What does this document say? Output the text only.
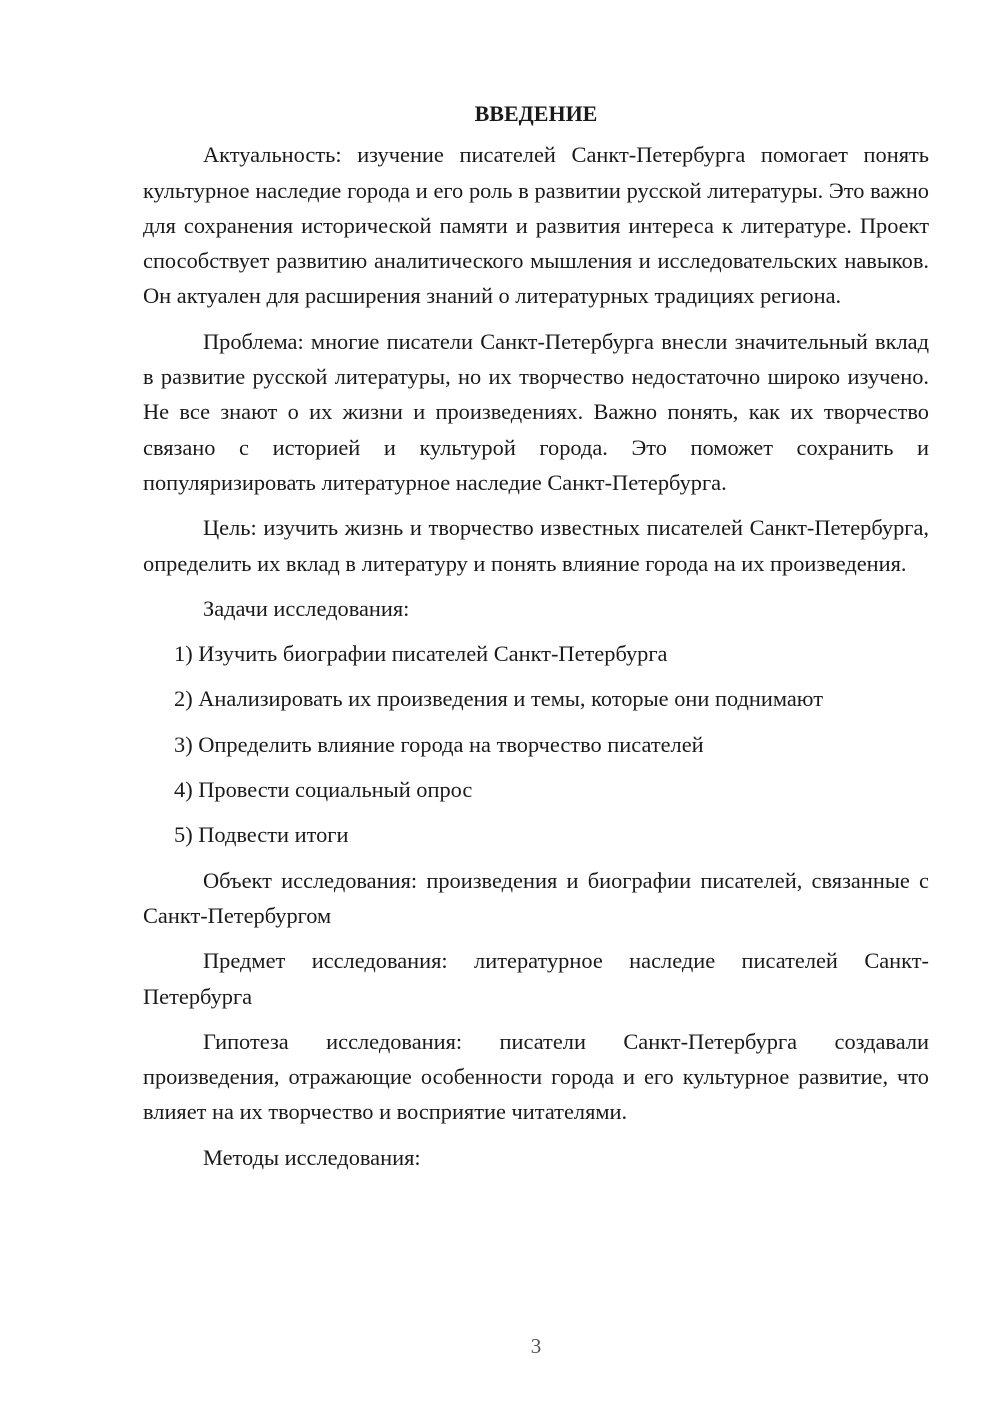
ВВЕДЕНИЕ

Актуальность: изучение писателей Санкт-Петербурга помогает понять культурное наследие города и его роль в развитии русской литературы. Это важно для сохранения исторической памяти и развития интереса к литературе. Проект способствует развитию аналитического мышления и исследовательских навыков. Он актуален для расширения знаний о литературных традициях региона.

Проблема: многие писатели Санкт-Петербурга внесли значительный вклад в развитие русской литературы, но их творчество недостаточно широко изучено. Не все знают о их жизни и произведениях. Важно понять, как их творчество связано с историей и культурой города. Это поможет сохранить и популяризировать литературное наследие Санкт-Петербурга.

Цель: изучить жизнь и творчество известных писателей Санкт-Петербурга, определить их вклад в литературу и понять влияние города на их произведения.

Задачи исследования:

1) Изучить биографии писателей Санкт-Петербурга
2) Анализировать их произведения и темы, которые они поднимают
3) Определить влияние города на творчество писателей
4) Провести социальный опрос
5) Подвести итоги

Объект исследования: произведения и биографии писателей, связанные с Санкт-Петербургом

Предмет исследования: литературное наследие писателей Санкт-Петербурга

Гипотеза исследования: писатели Санкт-Петербурга создавали произведения, отражающие особенности города и его культурное развитие, что влияет на их творчество и восприятие читателями.

Методы исследования:

3
